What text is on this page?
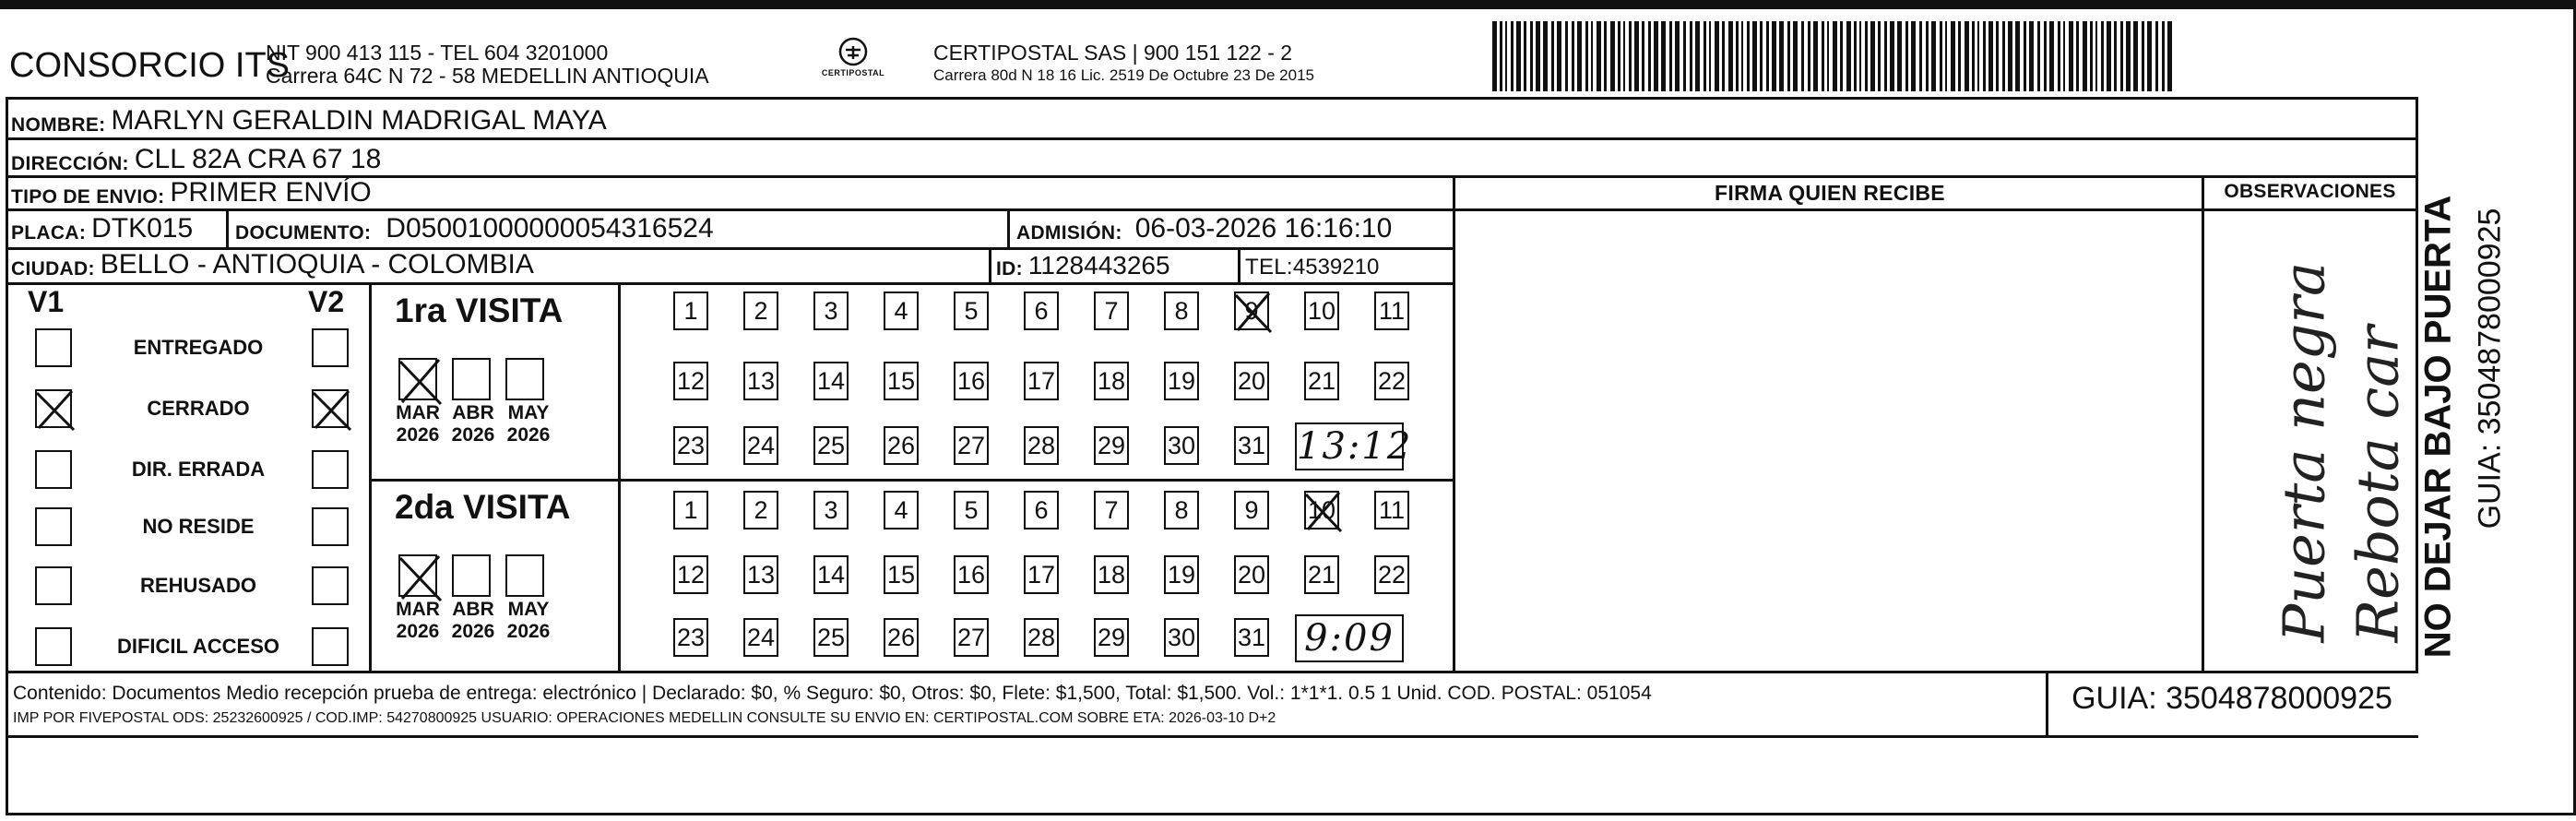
CONSORCIO ITS
NIT 900 413 115 - TEL 604 3201000
Carrera 64C N 72 - 58 MEDELLIN ANTIOQUIA	CERTIPOSTAL
CERTIPOSTAL SAS | 900 151 122 - 2
Carrera 80d N 18 16 Lic. 2519 De Octubre 23 De 2015
NOMBRE: MARLYN GERALDIN MADRIGAL MAYA
DIRECCIÓN: CLL 82A CRA 67 18
TIPO DE ENVIO: PRIMER ENVÍO
PLACA: DTK015 DOCUMENTO: D05001000000054316524	ADMISIÓN: 06-03-2026 16:16:10
CIUDAD: BELLO - ANTIOQUIA - COLOMBIA	ID: 1128443265	TEL: 4539210
FIRMA QUIEN RECIBE	OBSERVACIONES
Puerta negra Rebota car NO DEJAR BAJO PUERTA GUIA: 3504878000925
V1	V2
ENTREGADO
CERRADO
DIR. ERRADA
NO RESIDE
REHUSADO
DIFICIL ACCESO
1ra VISITA
MAR
2026
ABR
2026
MAY
2026
1	2	3	4	5	6	7	8	9	10 11
12 13 14 15 16 17 18 19 20 21 22
23 24 25 26 27 28 29 30 31 13:12
2da VISITA
MAR
2026
ABR
2026
MAY
2026
1	2	3	4	5	6	7	8	9	10 11
12 13 14 15 16 17 18 19 20 21 22
23 24 25 26 27 28 29 30 31 9:09
Contenido: Documentos Medio recepción prueba de entrega: electrónico | Declarado: $0, % Seguro: $0, Otros: $0, Flete: $1,500, Total: $1,500. Vol.: 1*1*1. 0.5 1 Unid. COD. POSTAL: 051054
IMP POR FIVEPOSTAL ODS: 25232600925 / COD.IMP: 54270800925 USUARIO: OPERACIONES MEDELLIN CONSULTE SU ENVIO EN: CERTIPOSTAL.COM SOBRE ETA: 2026-03-10 D+2
GUIA: 3504878000925
